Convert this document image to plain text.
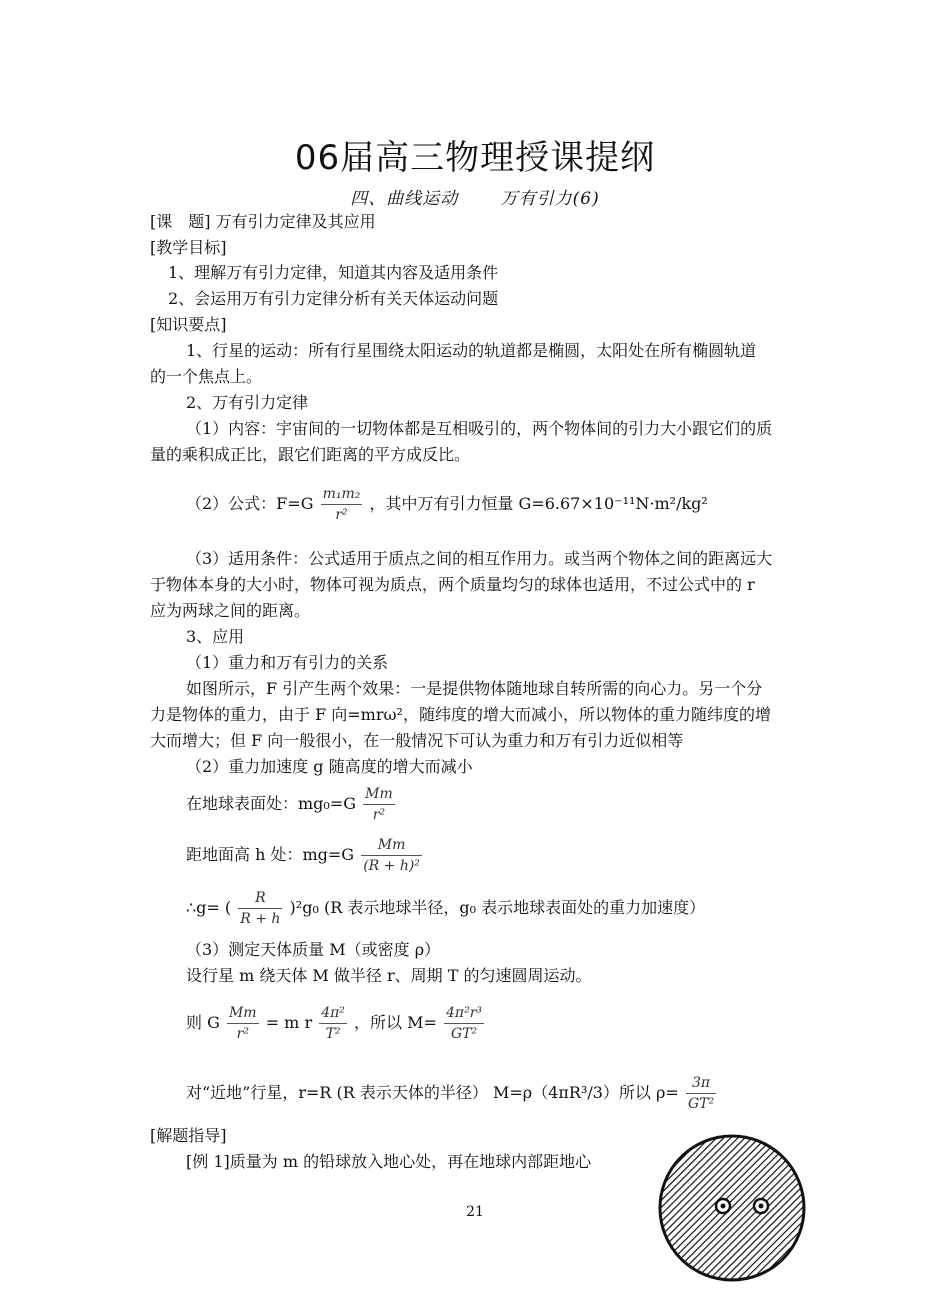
06届高三物理授课提纲
四、曲线运动 万有引力(6)
[课　题] 万有引力定律及其应用
[教学目标]
1、理解万有引力定律，知道其内容及适用条件
2、会运用万有引力定律分析有关天体运动问题
[知识要点]
1、行星的运动：所有行星围绕太阳运动的轨道都是椭圆，太阳处在所有椭圆轨道
的一个焦点上。
2、万有引力定律
（1）内容：宇宙间的一切物体都是互相吸引的，两个物体间的引力大小跟它们的质
量的乘积成正比，跟它们距离的平方成反比。
（2）公式：$F=G \frac{\text{m₁m₂}}{\text{r²}}$ ，其中万有引力恒量 G=6.67×10⁻¹¹N·m²/kg²
（3）适用条件：公式适用于质点之间的相互作用力。或当两个物体之间的距离远大
于物体本身的大小时，物体可视为质点，两个质量均匀的球体也适用，不过公式中的 r
应为两球之间的距离。
3、应用
（1）重力和万有引力的关系
如图所示，F 引产生两个效果：一是提供物体随地球自转所需的向心力。另一个分
力是物体的重力，由于 F 向=mrω²，随纬度的增大而减小，所以物体的重力随纬度的增
大而增大；但 F 向一般很小，在一般情况下可认为重力和万有引力近似相等
（2）重力加速度 g 随高度的增大而减小
在地球表面处：$mg_0=G \frac{Mm}{\text{r²}}$
距地面高 h 处：$mg=G \frac{Mm}{\text{(R + h)²}}$
∴g= ( $\frac{R}{R + h} )^2g_0$ (R 表示地球半径，g₀ 表示地球表面处的重力加速度）
（3）测定天体质量 M（或密度 ρ）
设行星 m 绕天体 M 做半径 r、周期 T 的匀速圆周运动。
则 G $\frac{Mm}{\text{r²}} = m$ r $\frac{\text{4π²}}{\text{T²}}$ ，所以 $M= \frac{\text{4π²r³}}{\text{GT²}}$
对“近地”行星，r=R (R 表示天体的半径） M=ρ（4πR³/3）所以 $\rho= \frac{3\pi}{\text{GT²}}$
[解题指导]
[例 1]质量为 m 的铅球放入地心处，再在地球内部距地心
21
